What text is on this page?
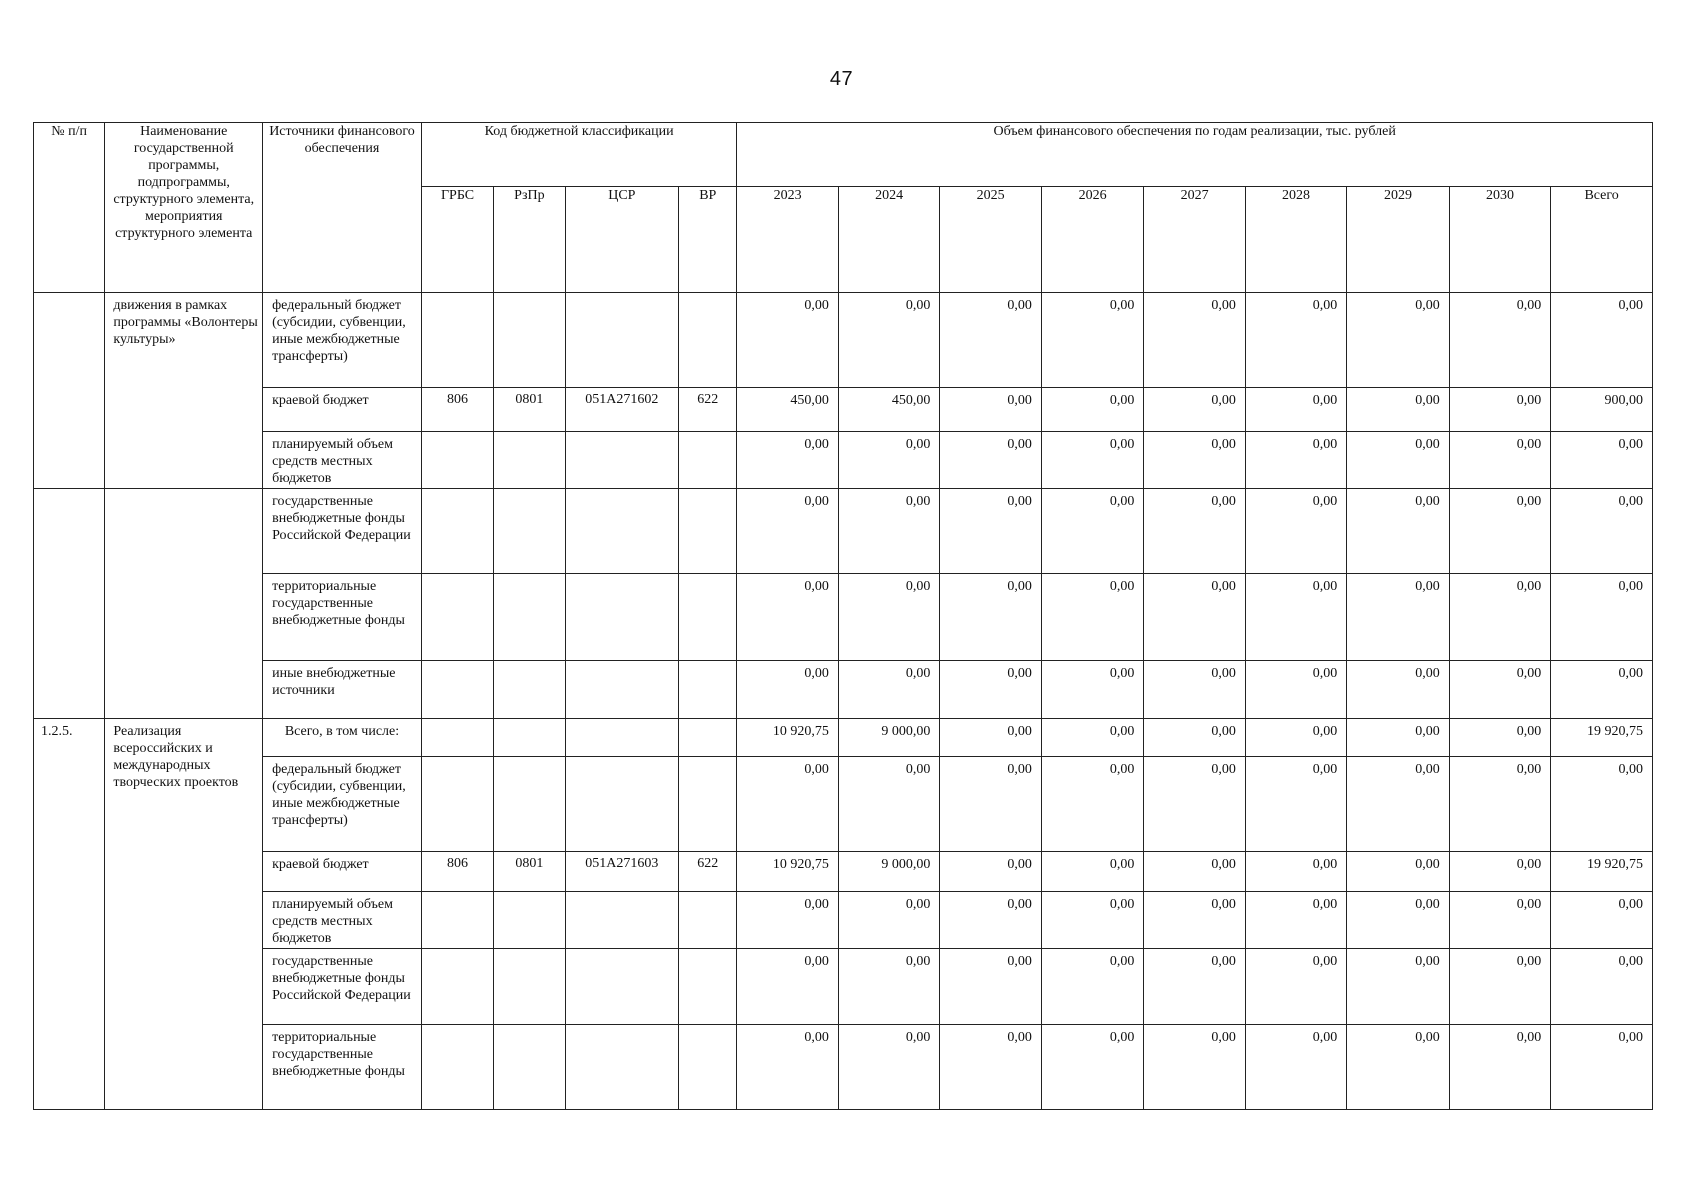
47
№ п/п	Наименование государственной программы, подпрограммы, структурного элемента, мероприятия структурного элемента	Источники финансового обеспечения	Код бюджетной классификации				Объем финансового обеспечения по годам реализации, тыс. рублей								
			ГРБС	РзПр	ЦСР	ВР	2023	2024	2025	2026	2027	2028	2029	2030	Всего
	движения в рамках программы «Волонтеры культуры»	федеральный бюджет (субсидии, субвенции, иные межбюджетные трансферты)					0,00	0,00	0,00	0,00	0,00	0,00	0,00	0,00	0,00
		краевой бюджет	806	0801	051A271602	622	450,00	450,00	0,00	0,00	0,00	0,00	0,00	0,00	900,00
		планируемый объем средств местных бюджетов					0,00	0,00	0,00	0,00	0,00	0,00	0,00	0,00	0,00
		государственные внебюджетные фонды Российской Федерации					0,00	0,00	0,00	0,00	0,00	0,00	0,00	0,00	0,00
		территориальные государственные внебюджетные фонды					0,00	0,00	0,00	0,00	0,00	0,00	0,00	0,00	0,00
		иные внебюджетные источники					0,00	0,00	0,00	0,00	0,00	0,00	0,00	0,00	0,00
1.2.5.	Реализация всероссийских и международных творческих проектов	Всего, в том числе:					10 920,75	9 000,00	0,00	0,00	0,00	0,00	0,00	0,00	19 920,75
		федеральный бюджет (субсидии, субвенции, иные межбюджетные трансферты)					0,00	0,00	0,00	0,00	0,00	0,00	0,00	0,00	0,00
		краевой бюджет	806	0801	051A271603	622	10 920,75	9 000,00	0,00	0,00	0,00	0,00	0,00	0,00	19 920,75
		планируемый объем средств местных бюджетов					0,00	0,00	0,00	0,00	0,00	0,00	0,00	0,00	0,00
		государственные внебюджетные фонды Российской Федерации					0,00	0,00	0,00	0,00	0,00	0,00	0,00	0,00	0,00
		территориальные государственные внебюджетные фонды					0,00	0,00	0,00	0,00	0,00	0,00	0,00	0,00	0,00
